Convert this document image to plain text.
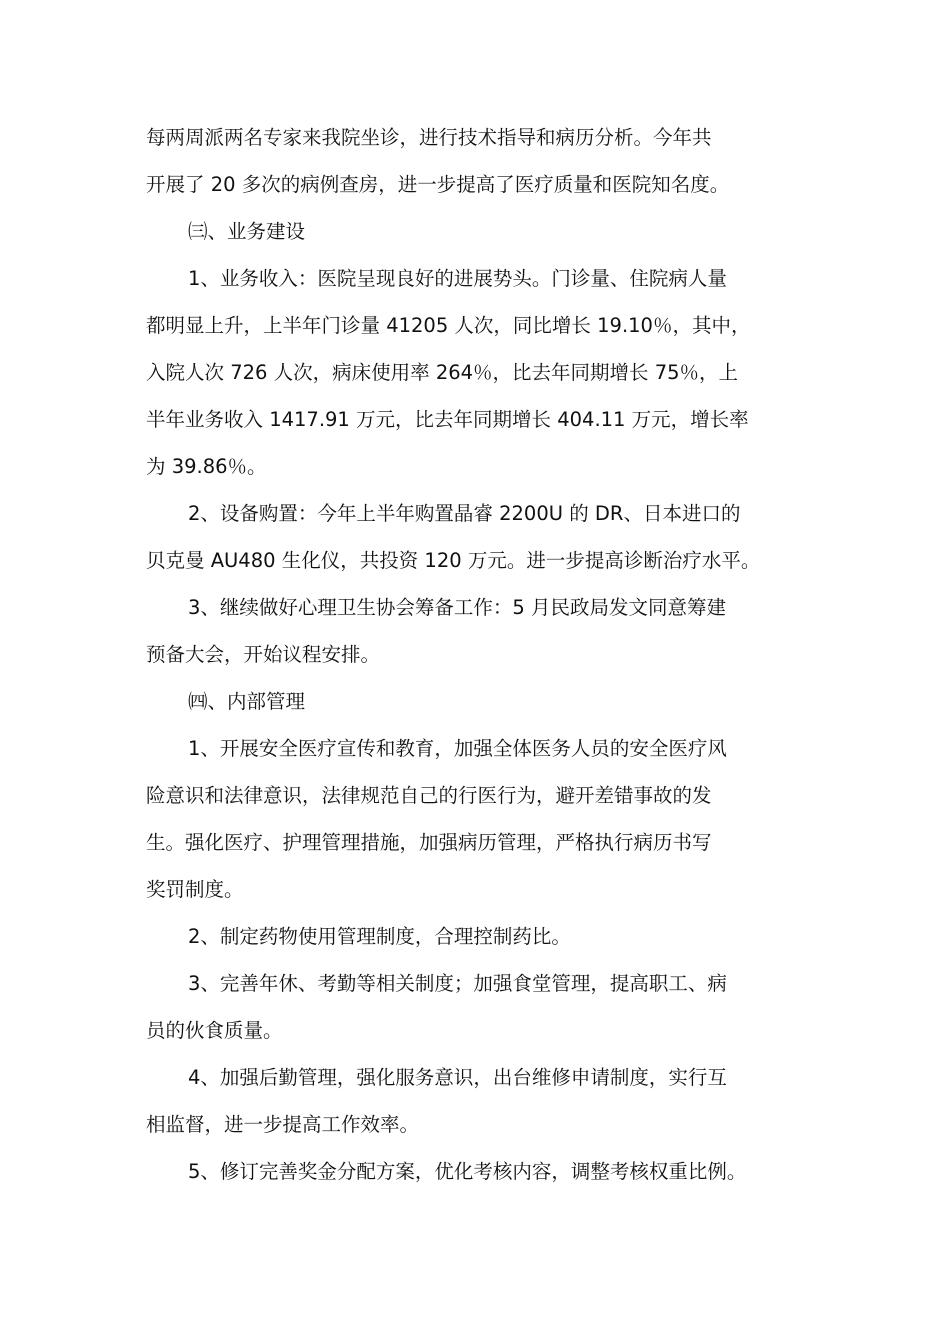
每两周派两名专家来我院坐诊，进行技术指导和病历分析。今年共
开展了 20 多次的病例查房，进一步提高了医疗质量和医院知名度。
㈢、业务建设
1、业务收入：医院呈现良好的进展势头。门诊量、住院病人量
都明显上升，上半年门诊量 41205 人次，同比增长 19.10％，其中，
入院人次 726 人次，病床使用率 264％，比去年同期增长 75％，上
半年业务收入 1417.91 万元，比去年同期增长 404.11 万元，增长率
为 39.86％。
2、设备购置：今年上半年购置晶睿 2200U 的 DR、日本进口的
贝克曼 AU480 生化仪，共投资 120 万元。进一步提高诊断治疗水平。
3、继续做好心理卫生协会筹备工作：5 月民政局发文同意筹建
预备大会，开始议程安排。
㈣、内部管理
1、开展安全医疗宣传和教育，加强全体医务人员的安全医疗风
险意识和法律意识，法律规范自己的行医行为，避开差错事故的发
生。强化医疗、护理管理措施，加强病历管理，严格执行病历书写
奖罚制度。
2、制定药物使用管理制度，合理控制药比。
3、完善年休、考勤等相关制度；加强食堂管理，提高职工、病
员的伙食质量。
4、加强后勤管理，强化服务意识，出台维修申请制度，实行互
相监督，进一步提高工作效率。
5、修订完善奖金分配方案，优化考核内容，调整考核权重比例。
